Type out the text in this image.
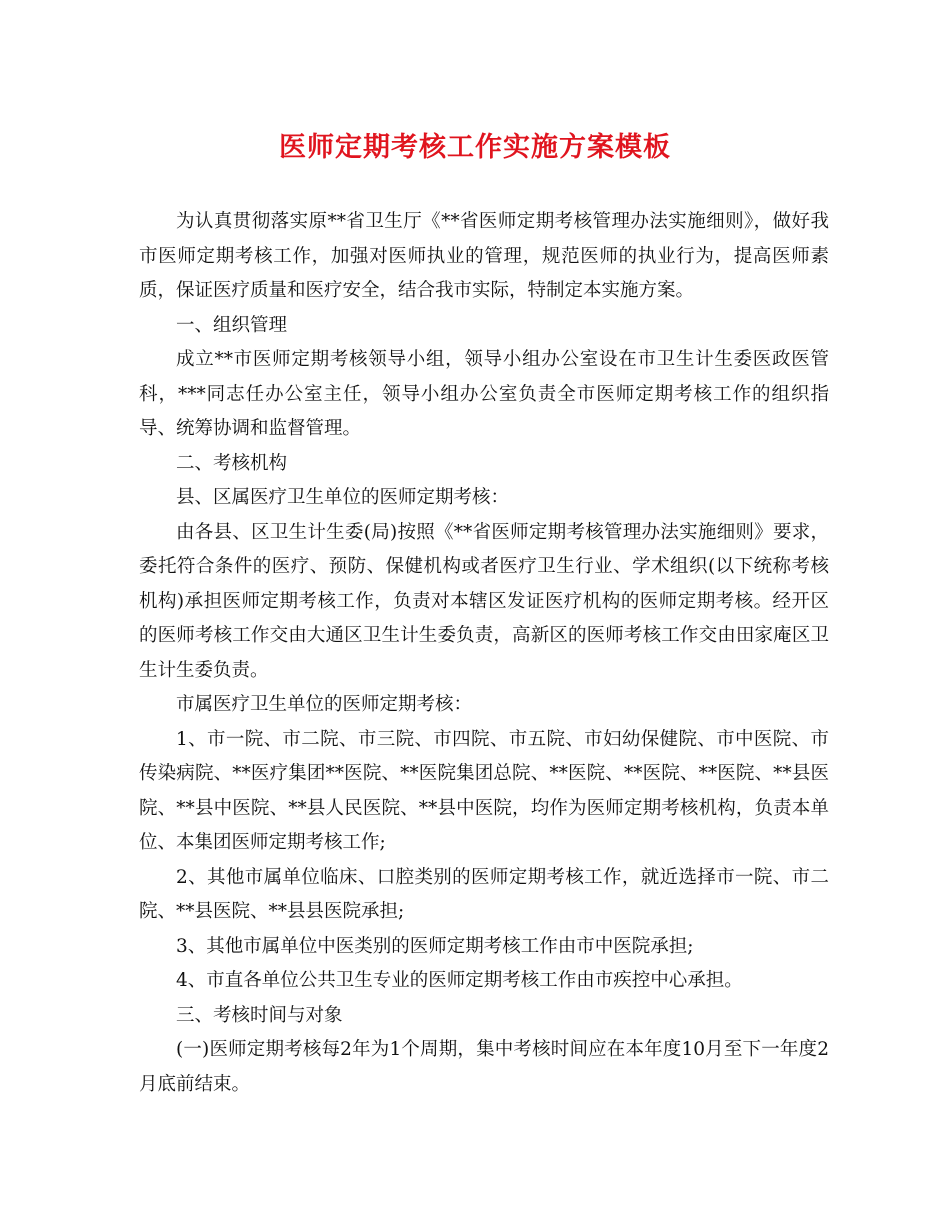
医师定期考核工作实施方案模板

为认真贯彻落实原**省卫生厅《**省医师定期考核管理办法实施细则》，做好我市医师定期考核工作，加强对医师执业的管理，规范医师的执业行为，提高医师素质，保证医疗质量和医疗安全，结合我市实际，特制定本实施方案。

一、组织管理

成立**市医师定期考核领导小组，领导小组办公室设在市卫生计生委医政医管科，***同志任办公室主任，领导小组办公室负责全市医师定期考核工作的组织指导、统筹协调和监督管理。

二、考核机构

县、区属医疗卫生单位的医师定期考核：

由各县、区卫生计生委(局)按照《**省医师定期考核管理办法实施细则》要求，委托符合条件的医疗、预防、保健机构或者医疗卫生行业、学术组织(以下统称考核机构)承担医师定期考核工作，负责对本辖区发证医疗机构的医师定期考核。经开区的医师考核工作交由大通区卫生计生委负责，高新区的医师考核工作交由田家庵区卫生计生委负责。

市属医疗卫生单位的医师定期考核：

1、市一院、市二院、市三院、市四院、市五院、市妇幼保健院、市中医院、市传染病院、**医疗集团**医院、**医院集团总院、**医院、**医院、**医院、**县医院、**县中医院、**县人民医院、**县中医院，均作为医师定期考核机构，负责本单位、本集团医师定期考核工作;

2、其他市属单位临床、口腔类别的医师定期考核工作，就近选择市一院、市二院、**县医院、**县县医院承担;

3、其他市属单位中医类别的医师定期考核工作由市中医院承担;

4、市直各单位公共卫生专业的医师定期考核工作由市疾控中心承担。

三、考核时间与对象

(一)医师定期考核每2年为1个周期，集中考核时间应在本年度10月至下一年度2月底前结束。
